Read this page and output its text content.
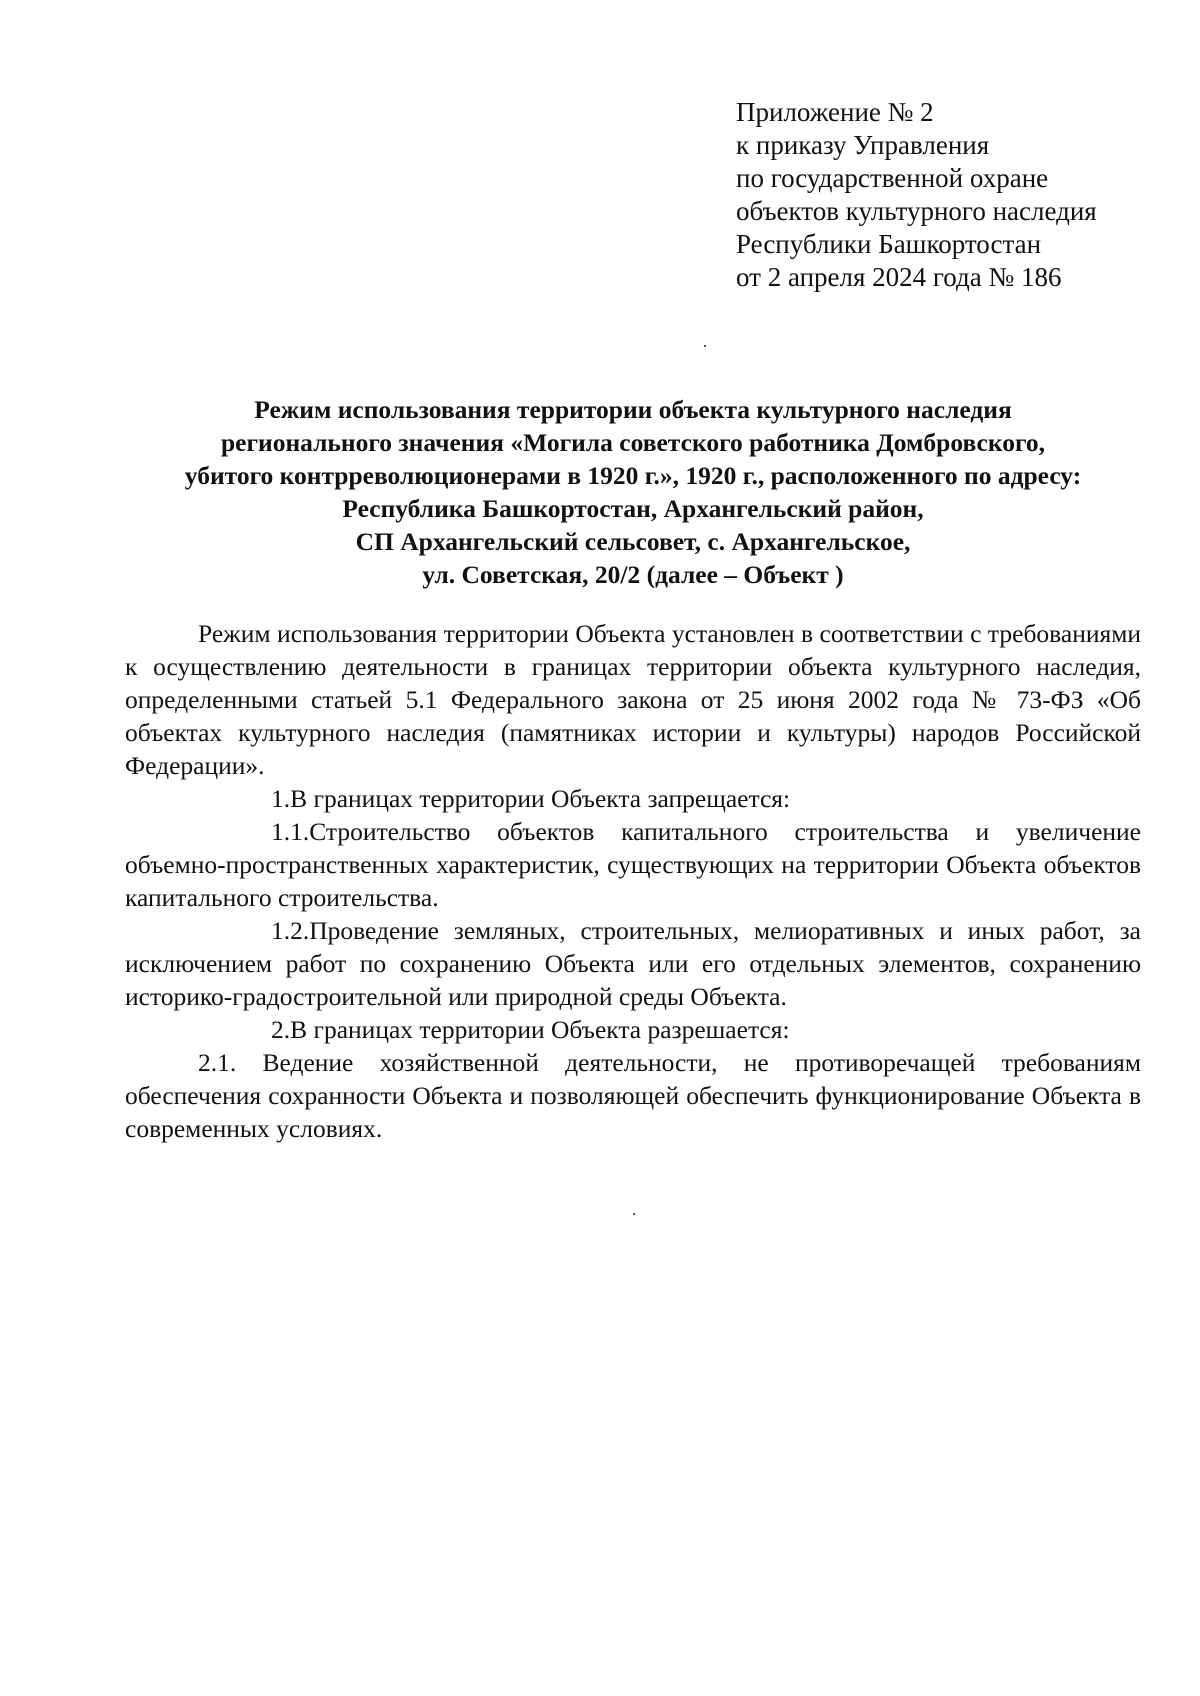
Приложение № 2
к приказу Управления
по государственной охране
объектов культурного наследия
Республики Башкортостан
от 2 апреля 2024 года № 186
Режим использования территории объекта культурного наследия
регионального значения «Могила советского работника Домбровского,
убитого контрреволюционерами в 1920 г.», 1920 г., расположенного по адресу:
Республика Башкортостан, Архангельский район,
СП Архангельский сельсовет, с. Архангельское,
ул. Советская, 20/2 (далее – Объект )

Режим использования территории Объекта установлен в соответствии с требованиями к осуществлению деятельности в границах территории объекта культурного наследия, определенными статьей 5.1 Федерального закона от 25 июня 2002 года № 73-ФЗ «Об объектах культурного наследия (памятниках истории и культуры) народов Российской Федерации».

1.В границах территории Объекта запрещается:

1.1.Строительство объектов капитального строительства и увеличение объемно-пространственных характеристик, существующих на территории Объекта объектов капитального строительства.

1.2.Проведение земляных, строительных, мелиоративных и иных работ, за исключением работ по сохранению Объекта или его отдельных элементов, сохранению историко-градостроительной или природной среды Объекта.

2.В границах территории Объекта разрешается:

2.1. Ведение хозяйственной деятельности, не противоречащей требованиям обеспечения сохранности Объекта и позволяющей обеспечить функционирование Объекта в современных условиях.
